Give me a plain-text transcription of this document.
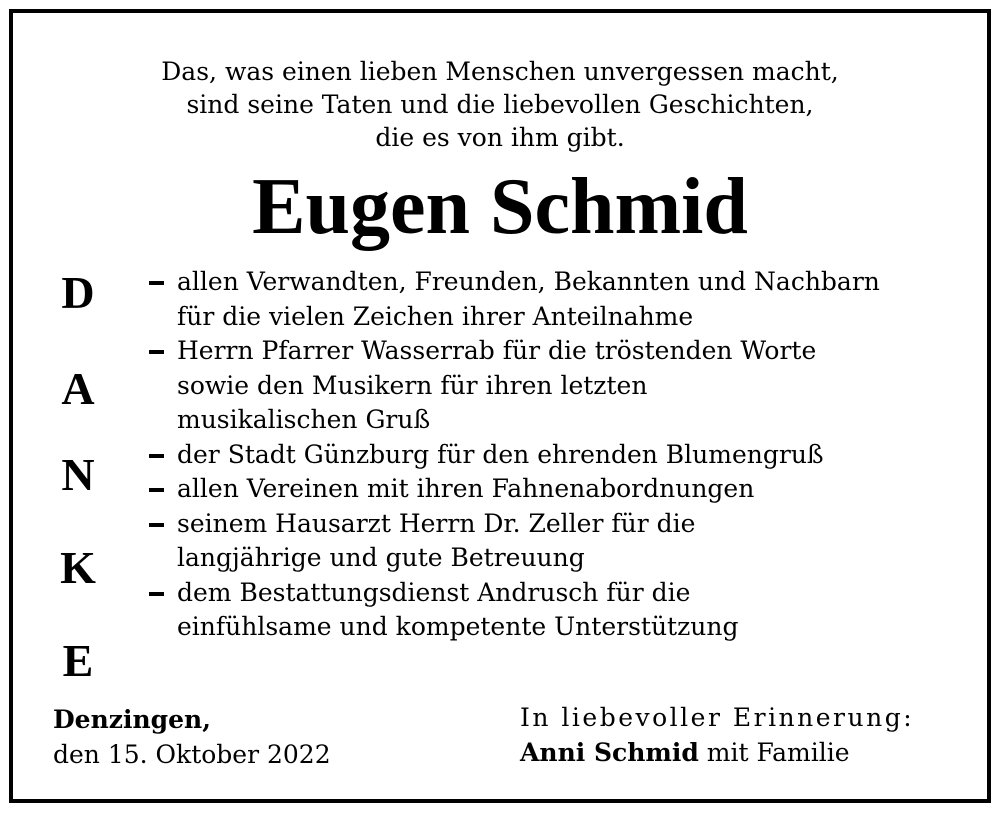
Das, was einen lieben Menschen unvergessen macht,
sind seine Taten und die liebevollen Geschichten,
die es von ihm gibt.
Eugen Schmid
D
A
N
K
E
allen Verwandten, Freunden, Bekannten und Nachbarn
für die vielen Zeichen ihrer Anteilnahme
Herrn Pfarrer Wasserrab für die tröstenden Worte
sowie den Musikern für ihren letzten
musikalischen Gruß
der Stadt Günzburg für den ehrenden Blumengruß
allen Vereinen mit ihren Fahnenabordnungen
seinem Hausarzt Herrn Dr. Zeller für die
langjährige und gute Betreuung
dem Bestattungsdienst Andrusch für die
einfühlsame und kompetente Unterstützung
Denzingen,
den 15. Oktober 2022
In liebevoller Erinnerung:
Anni Schmid mit Familie
